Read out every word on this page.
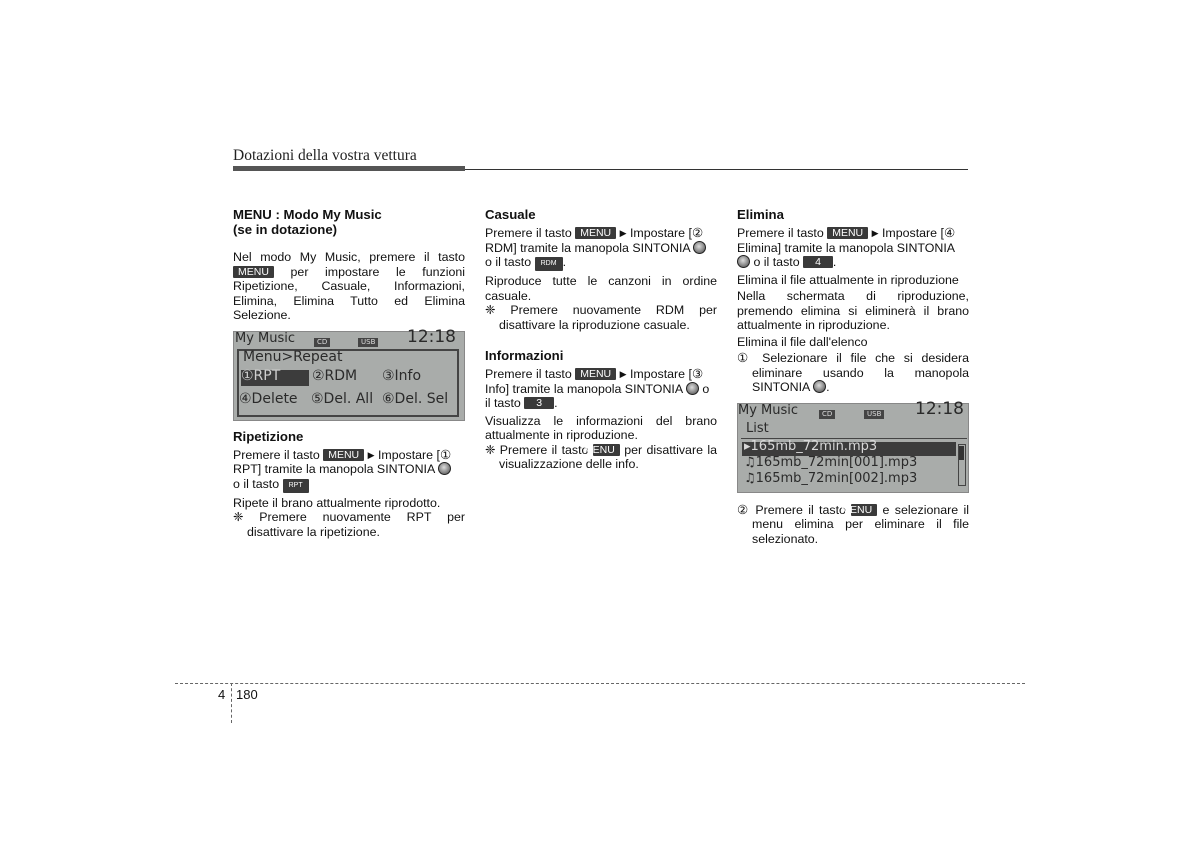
Dotazioni della vostra vettura
MENU : Modo My Music
(se in dotazione)

Nel modo My Music, premere il tasto MENU per impostare le funzioni Ripetizione, Casuale, Informazioni, Elimina, Elimina Tutto ed Elimina Selezione.

My Music	CD	USB 12:18
Menu>Repeat
①RPT ②RDM ③Info
④Delete ⑤Del. All ⑥Del. Sel
Ripetizione

Premere il tasto MENU ▶ Impostare [①
RPT] tramite la manopola SINTONIA
o il tasto RPT

Ripete il brano attualmente riprodotto.

❈ Premere nuovamente RPT per disattivare la ripetizione.

Casuale

Premere il tasto MENU ▶ Impostare [②
RDM] tramite la manopola SINTONIA
o il tasto RDM .

Riproduce tutte le canzoni in ordine casuale.

❈ Premere nuovamente RDM per disattivare la riproduzione casuale.

Informazioni

Premere il tasto MENU ▶ Impostare [③
Info] tramite la manopola SINTONIA o
il tasto 3 .

Visualizza le informazioni del brano attualmente in riproduzione.

❈ Premere il tasto MENU per disattivare la visualizzazione delle info.

Elimina

Premere il tasto MENU ▶ Impostare [④
Elimina] tramite la manopola SINTONIA
o il tasto 4 .

Elimina il file attualmente in riproduzione

Nella schermata di riproduzione, premendo elimina si eliminerà il brano attualmente in riproduzione.

Elimina il file dall'elenco

① Selezionare il file che si desidera eliminare usando la manopola SINTONIA .

My Music	CD	USB 12:18
List
▸165mb_72min.mp3
♫165mb_72min[001].mp3
♫165mb_72min[002].mp3

② Premere il tasto MENU e selezionare il menu elimina per eliminare il file selezionato.

4 180
